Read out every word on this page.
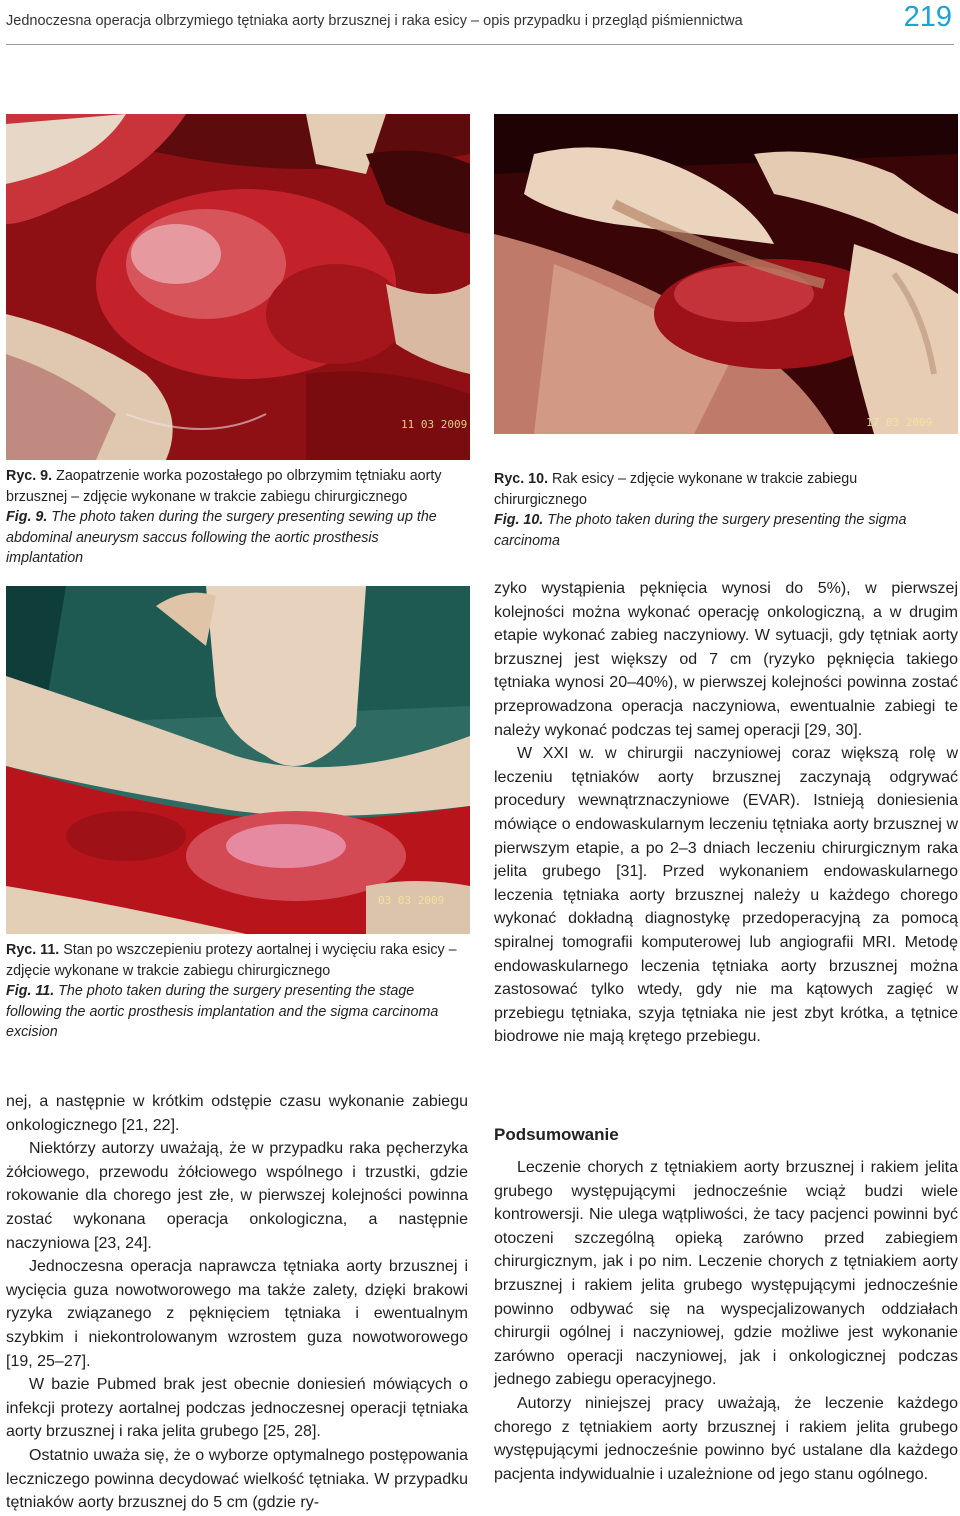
Jednoczesna operacja olbrzymiego tętniaka aorty brzusznej i raka esicy – opis przypadku i przegląd piśmiennictwa	219
11 03 2009	17 03 2009
03 03 2009
Ryc. 9. Zaopatrzenie worka pozostałego po olbrzymim tętniaku aorty brzusznej – zdjęcie wykonane w trakcie zabiegu chirurgicznego
Fig. 9. The photo taken during the surgery presenting sewing up the abdominal aneurysm saccus following the aortic prosthesis implantation
Ryc. 10. Rak esicy – zdjęcie wykonane w trakcie zabiegu chirurgicznego
Fig. 10. The photo taken during the surgery presenting the sigma carcinoma
Ryc. 11. Stan po wszczepieniu protezy aortalnej i wycięciu raka esicy – zdjęcie wykonane w trakcie zabiegu chirurgicznego
Fig. 11. The photo taken during the surgery presenting the stage following the aortic prosthesis implantation and the sigma carcinoma excision

nej, a następnie w krótkim odstępie czasu wykonanie zabiegu onkologicznego [21, 22].

Niektórzy autorzy uważają, że w przypadku raka pęcherzyka żółciowego, przewodu żółciowego wspólnego i trzustki, gdzie rokowanie dla chorego jest złe, w pierwszej kolejności powinna zostać wykonana operacja onkologiczna, a następnie naczyniowa [23, 24].

Jednoczesna operacja naprawcza tętniaka aorty brzusznej i wycięcia guza nowotworowego ma także zalety, dzięki brakowi ryzyka związanego z pęknięciem tętniaka i ewentualnym szybkim i niekontrolowanym wzrostem guza nowotworowego [19, 25–27].

W bazie Pubmed brak jest obecnie doniesień mówiących o infekcji protezy aortalnej podczas jednoczesnej operacji tętniaka aorty brzusznej i raka jelita grubego [25, 28].

Ostatnio uważa się, że o wyborze optymalnego postępowania leczniczego powinna decydować wielkość tętniaka. W przypadku tętniaków aorty brzusznej do 5 cm (gdzie ry-

zyko wystąpienia pęknięcia wynosi do 5%), w pierwszej kolejności można wykonać operację onkologiczną, a w drugim etapie wykonać zabieg naczyniowy. W sytuacji, gdy tętniak aorty brzusznej jest większy od 7 cm (ryzyko pęknięcia takiego tętniaka wynosi 20–40%), w pierwszej kolejności powinna zostać przeprowadzona operacja naczyniowa, ewentualnie zabiegi te należy wykonać podczas tej samej operacji [29, 30].

W XXI w. w chirurgii naczyniowej coraz większą rolę w leczeniu tętniaków aorty brzusznej zaczynają odgrywać procedury wewnątrznaczyniowe (EVAR). Istnieją doniesienia mówiące o endowaskularnym leczeniu tętniaka aorty brzusznej w pierwszym etapie, a po 2–3 dniach leczeniu chirurgicznym raka jelita grubego [31]. Przed wykonaniem endowaskularnego leczenia tętniaka aorty brzusznej należy u każdego chorego wykonać dokładną diagnostykę przedoperacyjną za pomocą spiralnej tomografii komputerowej lub angiografii MRI. Metodę endowaskularnego leczenia tętniaka aorty brzusznej można zastosować tylko wtedy, gdy nie ma kątowych zagięć w przebiegu tętniaka, szyja tętniaka nie jest zbyt krótka, a tętnice biodrowe nie mają krętego przebiegu.

Podsumowanie

Leczenie chorych z tętniakiem aorty brzusznej i rakiem jelita grubego występującymi jednocześnie wciąż budzi wiele kontrowersji. Nie ulega wątpliwości, że tacy pacjenci powinni być otoczeni szczególną opieką zarówno przed zabiegiem chirurgicznym, jak i po nim. Leczenie chorych z tętniakiem aorty brzusznej i rakiem jelita grubego występującymi jednocześnie powinno odbywać się na wyspecjalizowanych oddziałach chirurgii ogólnej i naczyniowej, gdzie możliwe jest wykonanie zarówno operacji naczyniowej, jak i onkologicznej podczas jednego zabiegu operacyjnego.

Autorzy niniejszej pracy uważają, że leczenie każdego chorego z tętniakiem aorty brzusznej i rakiem jelita grubego występującymi jednocześnie powinno być ustalane dla każdego pacjenta indywidualnie i uzależnione od jego stanu ogólnego.
